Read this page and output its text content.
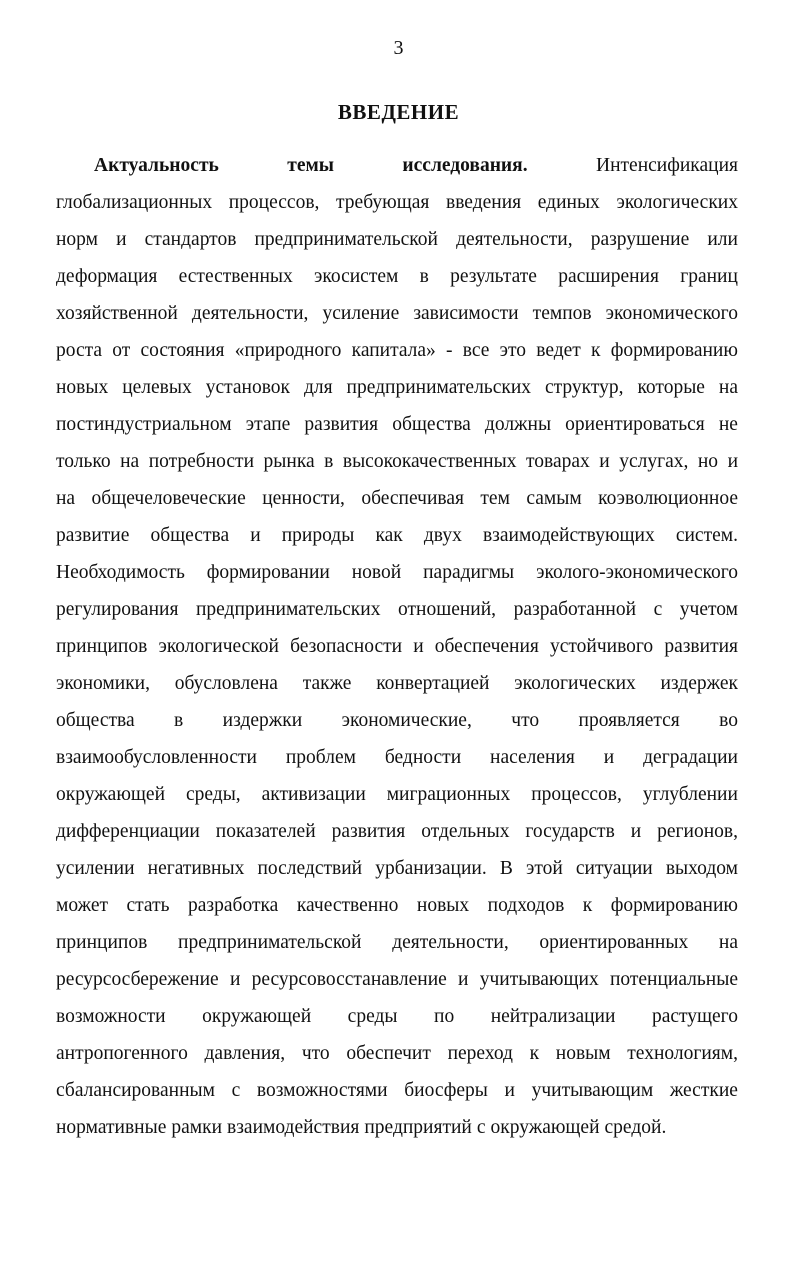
3
ВВЕДЕНИЕ
Актуальность	темы	исследования.	Интенсификация
глобализационных процессов, требующая введения единых экологических
норм и стандартов предпринимательской деятельности, разрушение или
деформация естественных экосистем в результате расширения границ
хозяйственной деятельности, усиление зависимости темпов экономического
роста от состояния «природного капитала» - все это ведет к формированию
новых целевых установок для предпринимательских структур, которые на
постиндустриальном этапе развития общества должны ориентироваться не
только на потребности рынка в высококачественных товарах и услугах, но и
на общечеловеческие ценности, обеспечивая тем самым коэволюционное
развитие общества и природы как двух взаимодействующих систем.
Необходимость формировании новой парадигмы эколого-экономического
регулирования предпринимательских отношений, разработанной с учетом
принципов экологической безопасности и обеспечения устойчивого развития
экономики, обусловлена также конвертацией экологических издержек
общества в издержки экономические, что проявляется во
взаимообусловленности проблем бедности населения и деградации
окружающей среды, активизации миграционных процессов, углублении
дифференциации показателей развития отдельных государств и регионов,
усилении негативных последствий урбанизации. В этой ситуации выходом
может стать разработка качественно новых подходов к формированию
принципов предпринимательской деятельности, ориентированных на
ресурсосбережение и ресурсовосстанавление и учитывающих потенциальные
возможности окружающей среды по нейтрализации растущего
антропогенного давления, что обеспечит переход к новым технологиям,
сбалансированным с возможностями биосферы и учитывающим жесткие
нормативные рамки взаимодействия предприятий с окружающей средой.
